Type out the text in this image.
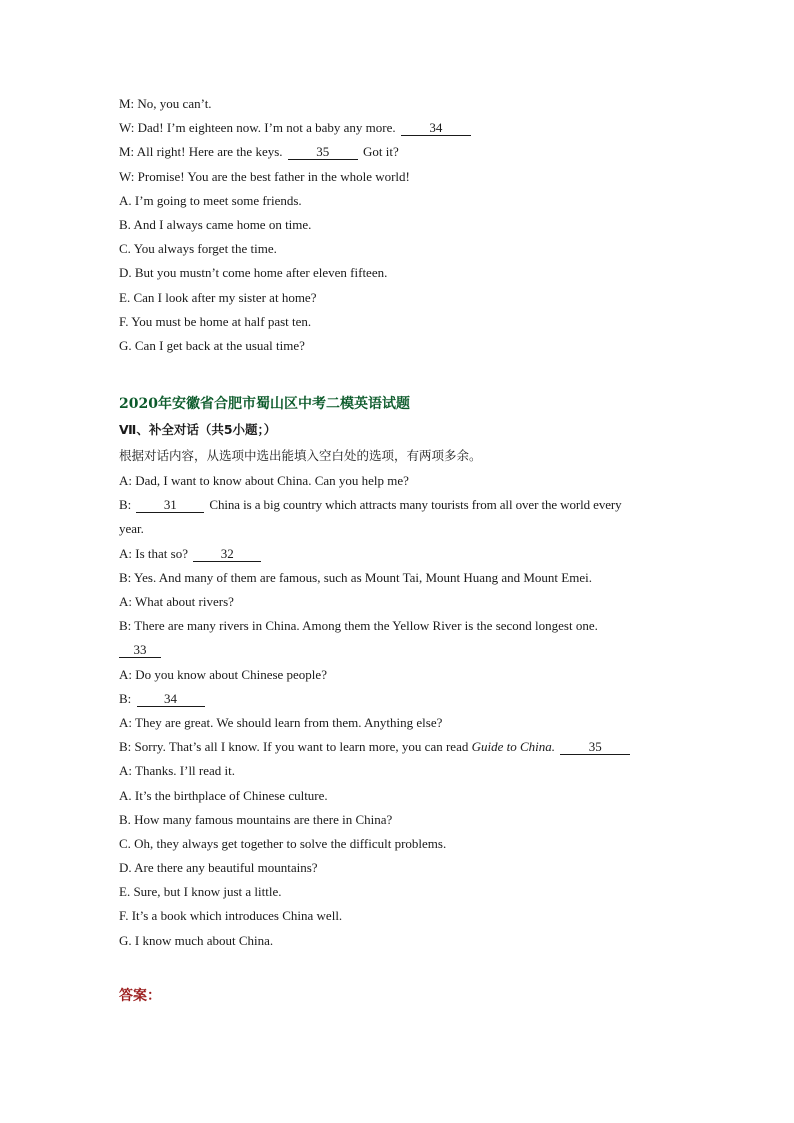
M: No, you can’t.
W: Dad! I’m eighteen now. I’m not a baby any more.	34
M: All right! Here are the keys.	35	Got it?
W: Promise! You are the best father in the whole world!
A. I’m going to meet some friends.
B. And I always came home on time.
C. You always forget the time.
D. But you mustn’t come home after eleven fifteen.
E. Can I look after my sister at home?
F. You must be home at half past ten.
G. Can I get back at the usual time?
2020年安徽省合肥市蜀山区中考二模英语试题
Ⅶ、补全对话（共5小题；）
根据对话内容，从选项中选出能填入空白处的选项，有两项多余。
A: Dad, I want to know about China. Can you help me?
B:	31	China is a big country which attracts many tourists from all over the world every
year.
A: Is that so?	32
B: Yes. And many of them are famous, such as Mount Tai, Mount Huang and Mount Emei.
A: What about rivers?
B: There are many rivers in China. Among them the Yellow River is the second longest one.
33
A: Do you know about Chinese people?
B:	34
A: They are great. We should learn from them. Anything else?
B: Sorry. That’s all I know. If you want to learn more, you can read Guide to China.	35
A: Thanks. I’ll read it.
A. It’s the birthplace of Chinese culture.
B. How many famous mountains are there in China?
C. Oh, they always get together to solve the difficult problems.
D. Are there any beautiful mountains?
E. Sure, but I know just a little.
F. It’s a book which introduces China well.
G. I know much about China.
答案：
